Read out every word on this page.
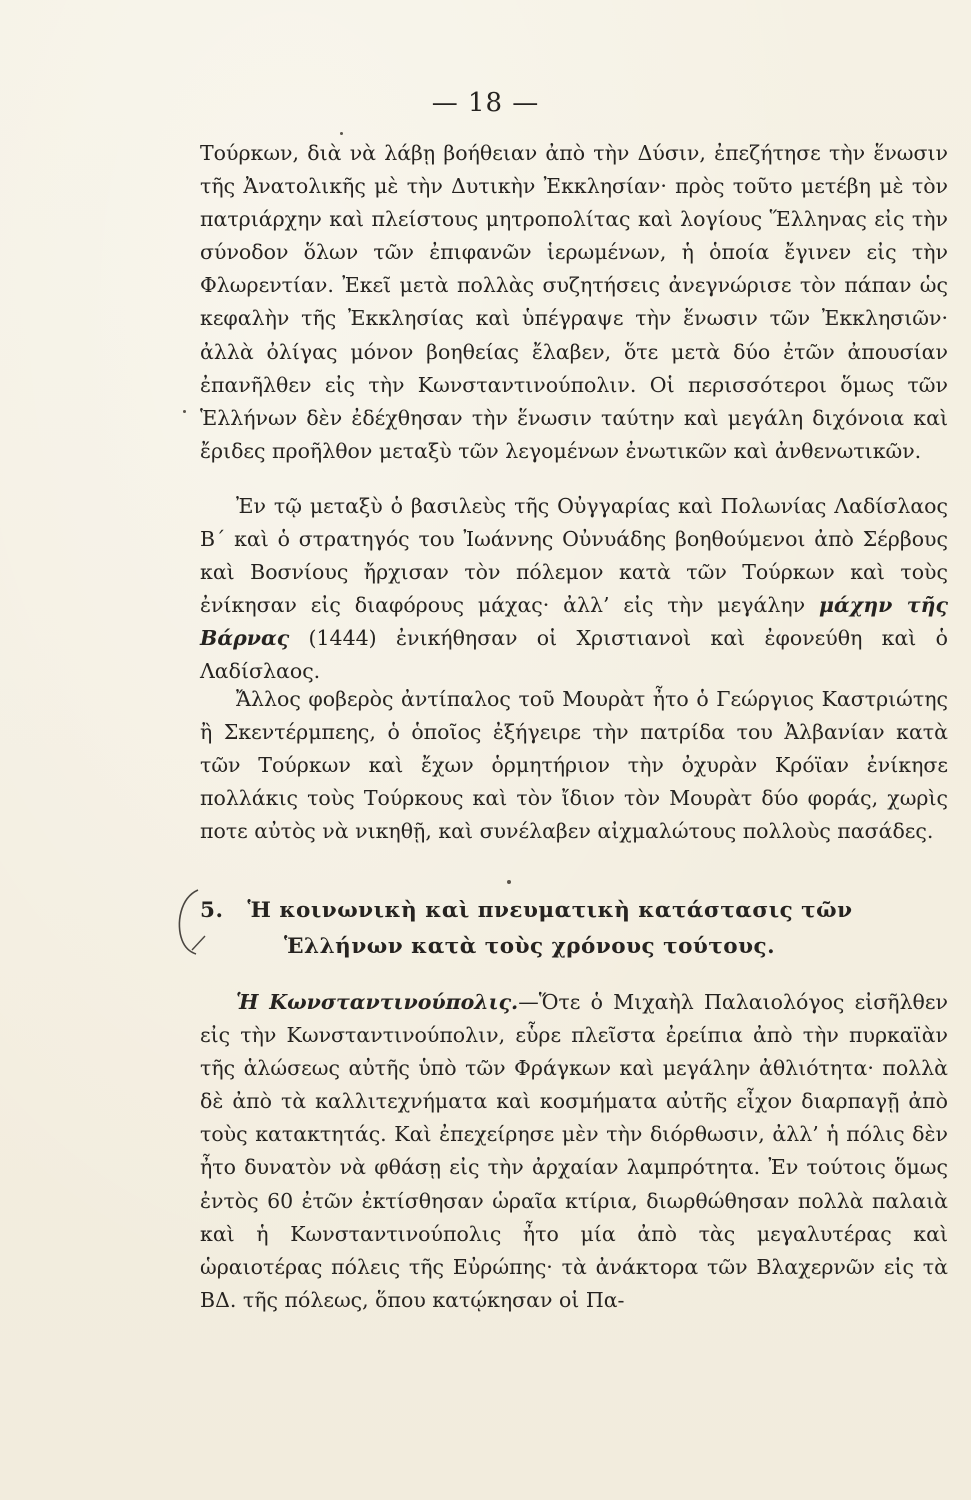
— 18 —

Τούρκων, διὰ νὰ λάβῃ βοήθειαν ἀπὸ τὴν Δύσιν, ἐπεζήτησε τὴν ἕνωσιν τῆς Ἀνατολικῆς μὲ τὴν Δυτικὴν Ἐκκλησίαν· πρὸς τοῦτο μετέβη μὲ τὸν πατριάρχην καὶ πλείστους μητροπολίτας καὶ λογίους Ἕλληνας εἰς τὴν σύνοδον ὅλων τῶν ἐπιφανῶν ἱερωμένων, ἡ ὁποία ἔγινεν εἰς τὴν Φλωρεντίαν. Ἐκεῖ μετὰ πολλὰς συζητήσεις ἀνεγνώρισε τὸν πάπαν ὡς κεφαλὴν τῆς Ἐκκλησίας καὶ ὑπέγραψε τὴν ἕνωσιν τῶν Ἐκκλησιῶν· ἀλλὰ ὀλίγας μόνον βοηθείας ἔλαβεν, ὅτε μετὰ δύο ἐτῶν ἀπουσίαν ἐπανῆλθεν εἰς τὴν Κωνσταντινούπολιν. Οἱ περισσότεροι ὅμως τῶν Ἑλλήνων δὲν ἐδέχθησαν τὴν ἕνωσιν ταύτην καὶ μεγάλη διχόνοια καὶ ἔριδες προῆλθον μεταξὺ τῶν λεγομένων ἐνωτικῶν καὶ ἀνθενωτικῶν.

Ἐν τῷ μεταξὺ ὁ βασιλεὺς τῆς Οὐγγαρίας καὶ Πολωνίας Λαδίσλαος Β΄ καὶ ὁ στρατηγός του Ἰωάννης Οὐνυάδης βοηθούμενοι ἀπὸ Σέρβους καὶ Βοσνίους ἤρχισαν τὸν πόλεμον κατὰ τῶν Τούρκων καὶ τοὺς ἐνίκησαν εἰς διαφόρους μάχας· ἀλλ’ εἰς τὴν μεγάλην μάχην τῆς Βάρνας (1444) ἐνικήθησαν οἱ Χριστιανοὶ καὶ ἐφονεύθη καὶ ὁ Λαδίσλαος.

Ἄλλος φοβερὸς ἀντίπαλος τοῦ Μουρὰτ ἦτο ὁ Γεώργιος Καστριώτης ἢ Σκεντέρμπεης, ὁ ὁποῖος ἐξήγειρε τὴν πατρίδα του Ἀλβανίαν κατὰ τῶν Τούρκων καὶ ἔχων ὁρμητήριον τὴν ὀχυρὰν Κρόϊαν ἐνίκησε πολλάκις τοὺς Τούρκους καὶ τὸν ἴδιον τὸν Μουρὰτ δύο φοράς, χωρὶς ποτε αὐτὸς νὰ νικηθῇ, καὶ συνέλαβεν αἰχμαλώτους πολλοὺς πασάδες.

5. Ἡ κοινωνικὴ καὶ πνευματικὴ κατάστασις τῶν
Ἑλλήνων κατὰ τοὺς χρόνους τούτους.

Ἡ Κωνσταντινούπολις.—Ὅτε ὁ Μιχαὴλ Παλαιολόγος εἰσῆλθεν εἰς τὴν Κωνσταντινούπολιν, εὗρε πλεῖστα ἐρείπια ἀπὸ τὴν πυρκαϊὰν τῆς ἁλώσεως αὐτῆς ὑπὸ τῶν Φράγκων καὶ μεγάλην ἀθλιότητα· πολλὰ δὲ ἀπὸ τὰ καλλιτεχνήματα καὶ κοσμήματα αὐτῆς εἶχον διαρπαγῇ ἀπὸ τοὺς κατακτητάς. Καὶ ἐπεχείρησε μὲν τὴν διόρθωσιν, ἀλλ’ ἡ πόλις δὲν ἦτο δυνατὸν νὰ φθάσῃ εἰς τὴν ἀρχαίαν λαμπρότητα. Ἐν τούτοις ὅμως ἐντὸς 60 ἐτῶν ἐκτίσθησαν ὡραῖα κτίρια, διωρθώθησαν πολλὰ παλαιὰ καὶ ἡ Κωνσταντινούπολις ἦτο μία ἀπὸ τὰς μεγαλυτέρας καὶ ὡραιοτέρας πόλεις τῆς Εὐρώπης· τὰ ἀνάκτορα τῶν Βλαχερνῶν εἰς τὰ ΒΔ. τῆς πόλεως, ὅπου κατῴκησαν οἱ Πα-
